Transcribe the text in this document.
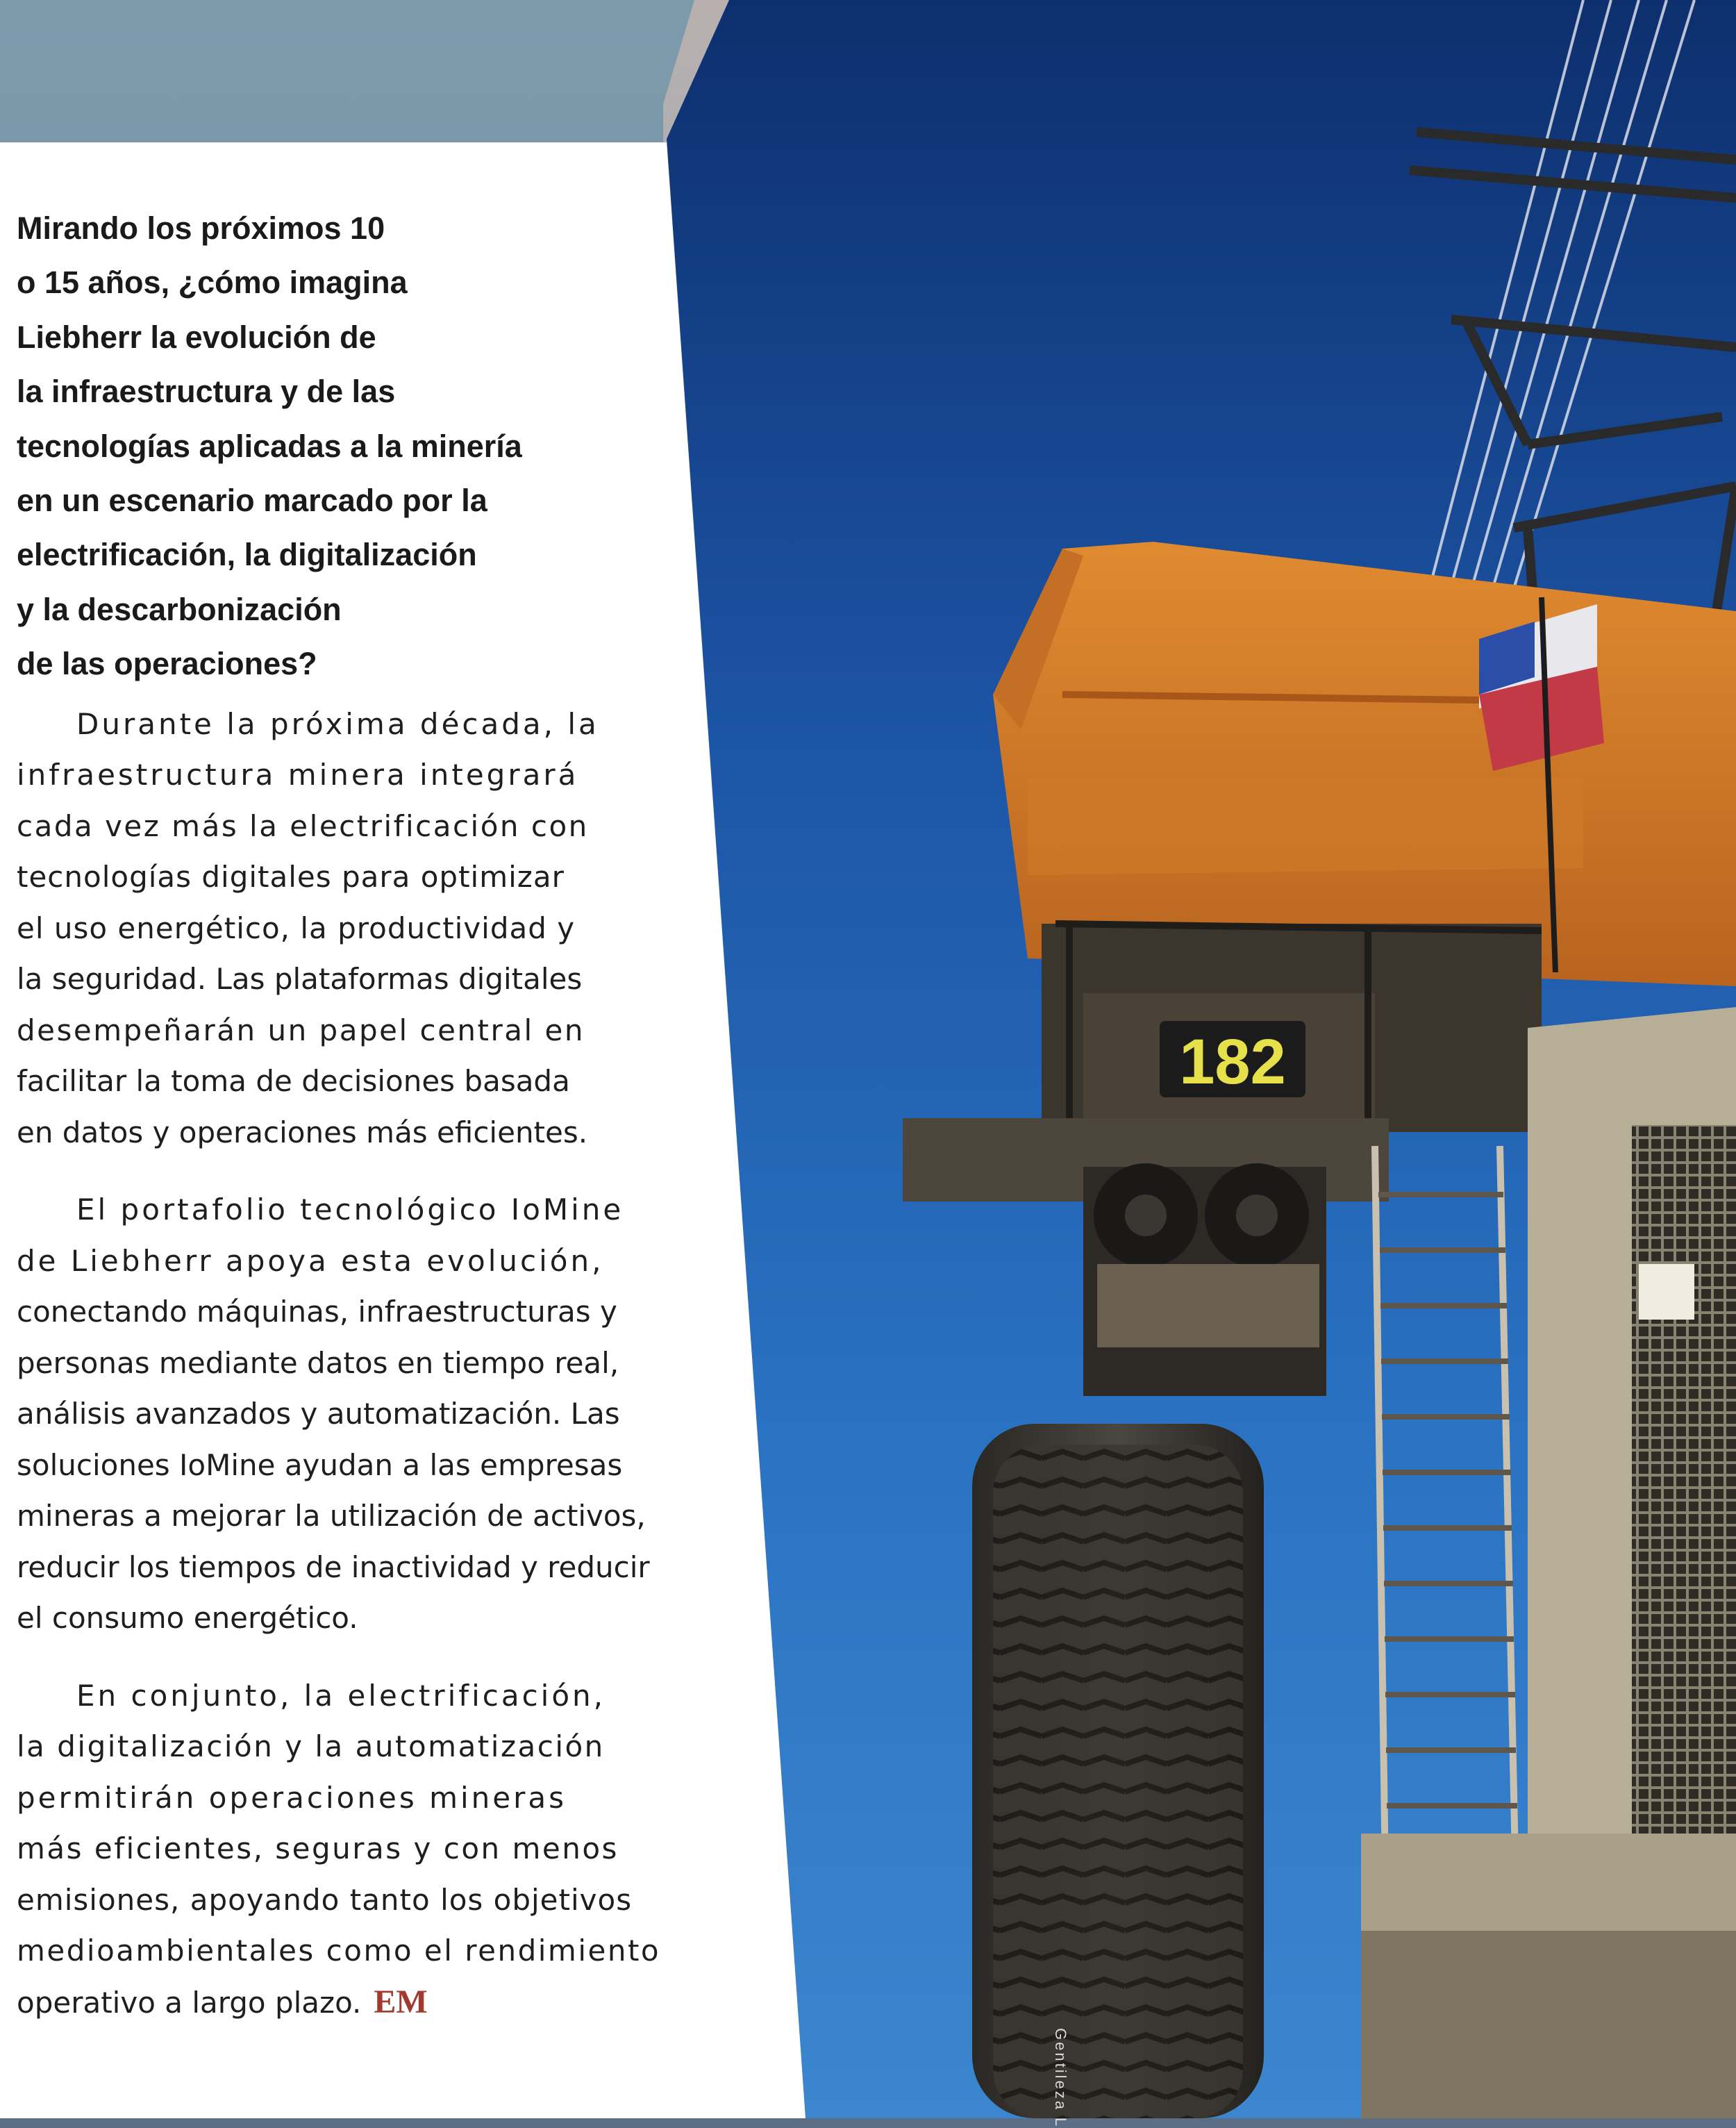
182
Mirando los próximos 10
o 15 años, ¿cómo imagina
Liebherr la evolución de
la infraestructura y de las
tecnologías aplicadas a la minería
en un escenario marcado por la
electrificación, la digitalización
y la descarbonización
de las operaciones?
Durante la próxima década, la
infraestructura minera integrará
cada vez más la electrificación con
tecnologías digitales para optimizar
el uso energético, la productividad y
la seguridad. Las plataformas digitales
desempeñarán un papel central en
facilitar la toma de decisiones basada
en datos y operaciones más eficientes.
El portafolio tecnológico IoMine
de Liebherr apoya esta evolución,
conectando máquinas, infraestructuras y
personas mediante datos en tiempo real,
análisis avanzados y automatización. Las
soluciones IoMine ayudan a las empresas
mineras a mejorar la utilización de activos,
reducir los tiempos de inactividad y reducir
el consumo energético.
En conjunto, la electrificación,
la digitalización y la automatización
permitirán operaciones mineras
más eficientes, seguras y con menos
emisiones, apoyando tanto los objetivos
medioambientales como el rendimiento
operativo a largo plazo. EM
Gentileza L
